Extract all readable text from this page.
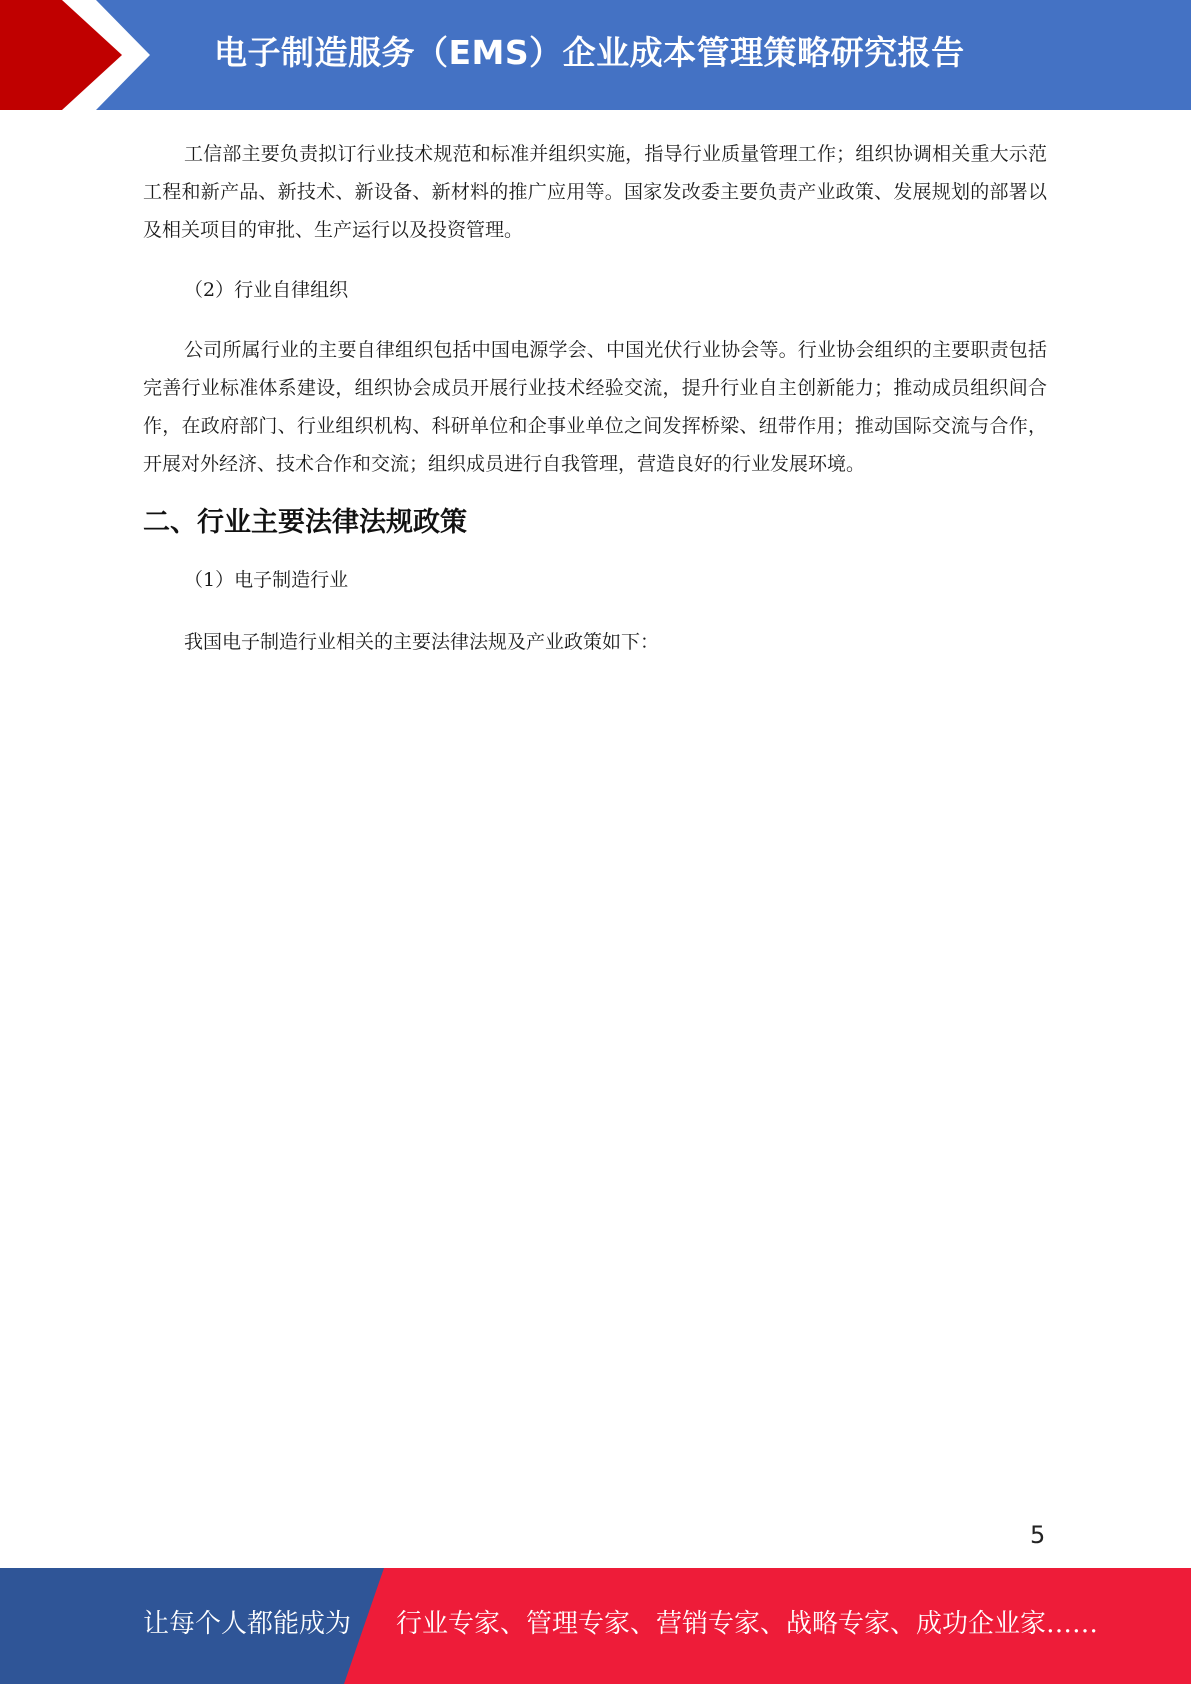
电子制造服务（EMS）企业成本管理策略研究报告

工信部主要负责拟订行业技术规范和标准并组织实施，指导行业质量管理工作；组织协调相关重大示范工程和新产品、新技术、新设备、新材料的推广应用等。国家发改委主要负责产业政策、发展规划的部署以及相关项目的审批、生产运行以及投资管理。

（2）行业自律组织

公司所属行业的主要自律组织包括中国电源学会、中国光伏行业协会等。行业协会组织的主要职责包括完善行业标准体系建设，组织协会成员开展行业技术经验交流，提升行业自主创新能力；推动成员组织间合作，在政府部门、行业组织机构、科研单位和企事业单位之间发挥桥梁、纽带作用；推动国际交流与合作，开展对外经济、技术合作和交流；组织成员进行自我管理，营造良好的行业发展环境。

二、行业主要法律法规政策

（1）电子制造行业

我国电子制造行业相关的主要法律法规及产业政策如下：

5
让每个人都能成为 行业专家、管理专家、营销专家、战略专家、成功企业家……
